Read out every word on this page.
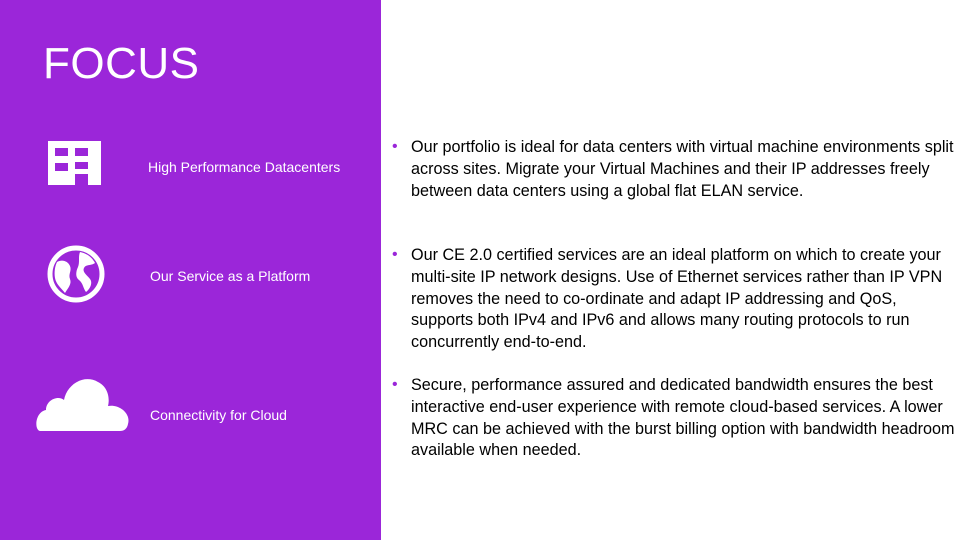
FOCUS
High Performance Datacenters
Our Service as a Platform
Connectivity for Cloud
• Our portfolio is ideal for data centers with virtual machine environments split across sites. Migrate your Virtual Machines and their IP addresses freely between data centers using a global flat ELAN service.
• Our CE 2.0 certified services are an ideal platform on which to create your multi-site IP network designs. Use of Ethernet services rather than IP VPN removes the need to co-ordinate and adapt IP addressing and QoS, supports both IPv4 and IPv6 and allows many routing protocols to run concurrently end-to-end.
• Secure, performance assured and dedicated bandwidth ensures the best interactive end-user experience with remote cloud-based services. A lower MRC can be achieved with the burst billing option with bandwidth headroom available when needed.
